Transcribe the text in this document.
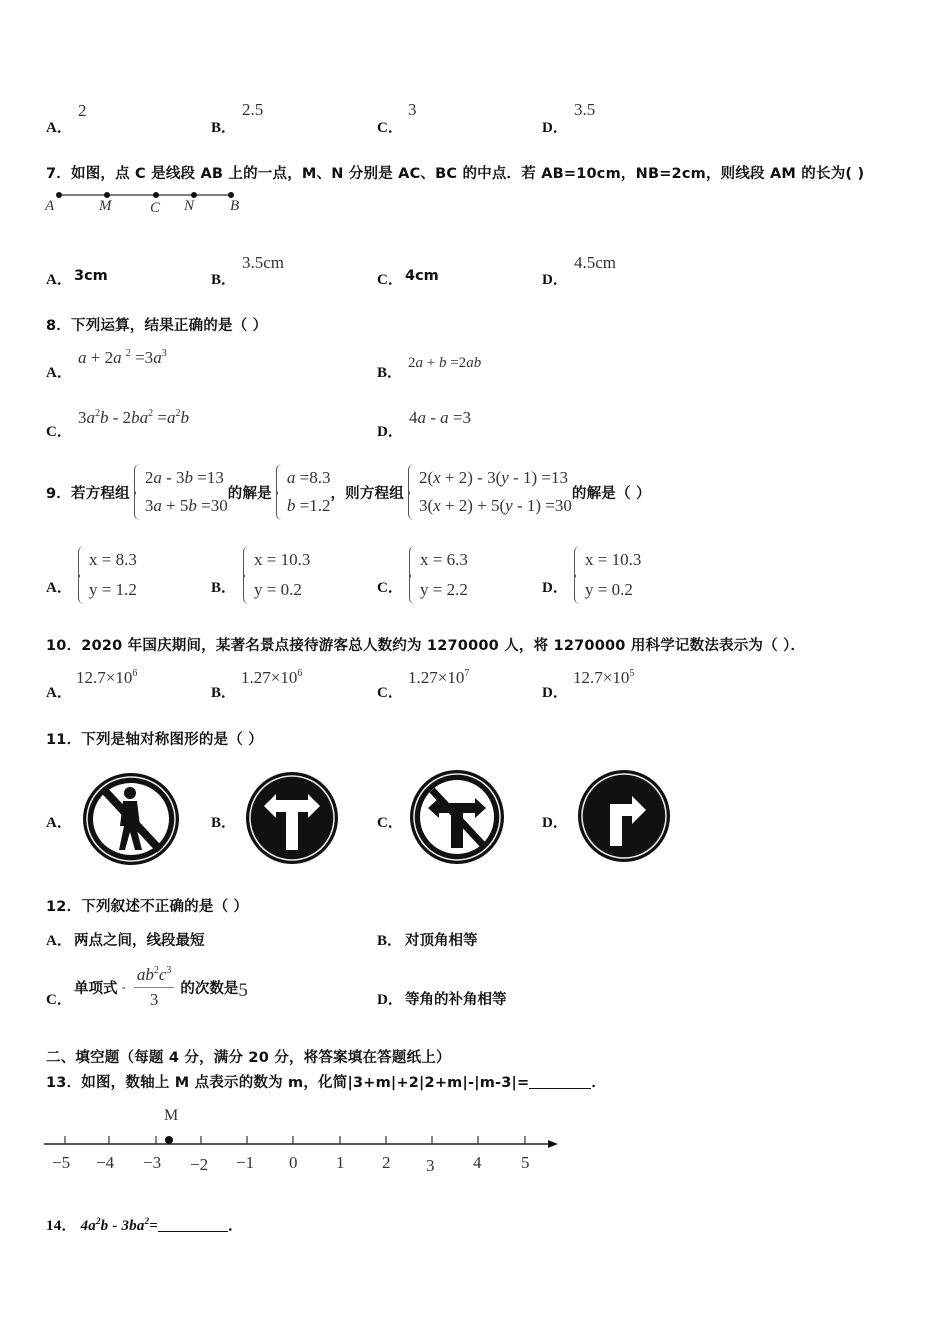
A．
2
B．
2.5
C．
3
D．
3.5
7．如图，点 C 是线段 AB 上的一点，M、N 分别是 AC、BC 的中点．若 AB=10cm，NB=2cm，则线段 AM 的长为( )
A	M	C N B
A． 3cm	B．
3.5cm
C． 4cm	D．
4.5cm
8．下列运算，结果正确的是（ ）
A．
a + 2a $^2 =3a^3$
B．
2a + b =2ab
C．
$3a^2b - 2ba^2 =a^2b$
D．
4a - a =3
9． 若方程组
2a - 3b =13
3a + 5b =30
的解是
a =8.3
b =1.2
，则方程组
2(x + 2) - 3(y - 1) =13
3(x + 2) + 5(y - 1) =30
的解是（ ）
A．
x = 8.3
y = 1.2	B．
x = 10.3
y = 0.2	C．
x = 6.3
y = 2.2	D．
x = 10.3
y = 0.2
10．2020 年国庆期间，某著名景点接待游客总人数约为 1270000 人，将 1270000 用科学记数法表示为（ ）．
A．
$12.7\times 10^6$
B．
$1.27\times 10^6$
C．
$1.27\times 10^7$
D．
$12.7\times 10^5$
11．下列是轴对称图形的是（ ）
A．	B．	C．	D．
12．下列叙述不正确的是（ ）
A． 两点之间，线段最短	B． 对顶角相等
C．
单项式 - $\frac{ab^2c^3}{3}$ 的次数是 5	D． 等角的补角相等
二、填空题（每题 4 分，满分 20 分，将答案填在答题纸上）
13．如图，数轴上 M 点表示的数为 m，化简|3+m|+2|2+m|-|m-3|=	．
M
−5 −4 −3 −2 −1 0 1 2 3 4 5
14． $4a^2b - 3ba^2=$	．
